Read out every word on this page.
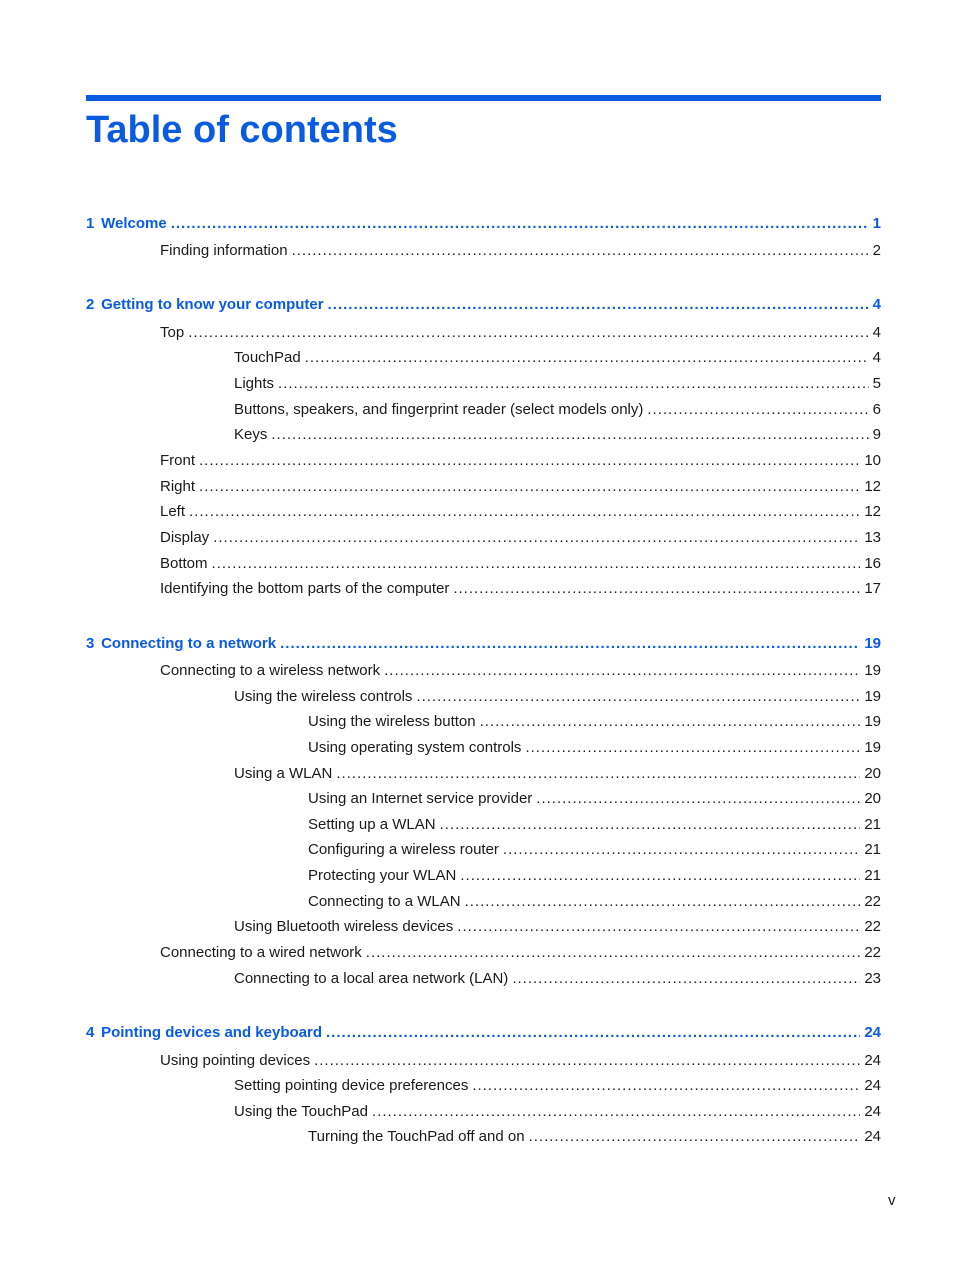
Table of contents
1 Welcome .....	1
Finding information .....	2
2 Getting to know your computer .....	4
Top .....	4
TouchPad .....	4
Lights .....	5
Buttons, speakers, and fingerprint reader (select models only) .....	6
Keys .....	9
Front .....	10
Right .....	12
Left .....	12
Display .....	13
Bottom .....	16
Identifying the bottom parts of the computer .....	17
3 Connecting to a network .....	19
Connecting to a wireless network .....	19
Using the wireless controls .....	19
Using the wireless button .....	19
Using operating system controls .....	19
Using a WLAN .....	20
Using an Internet service provider .....	20
Setting up a WLAN .....	21
Configuring a wireless router .....	21
Protecting your WLAN .....	21
Connecting to a WLAN .....	22
Using Bluetooth wireless devices .....	22
Connecting to a wired network .....	22
Connecting to a local area network (LAN) .....	23
4 Pointing devices and keyboard .....	24
Using pointing devices .....	24
Setting pointing device preferences .....	24
Using the TouchPad .....	24
Turning the TouchPad off and on .....	24
v
